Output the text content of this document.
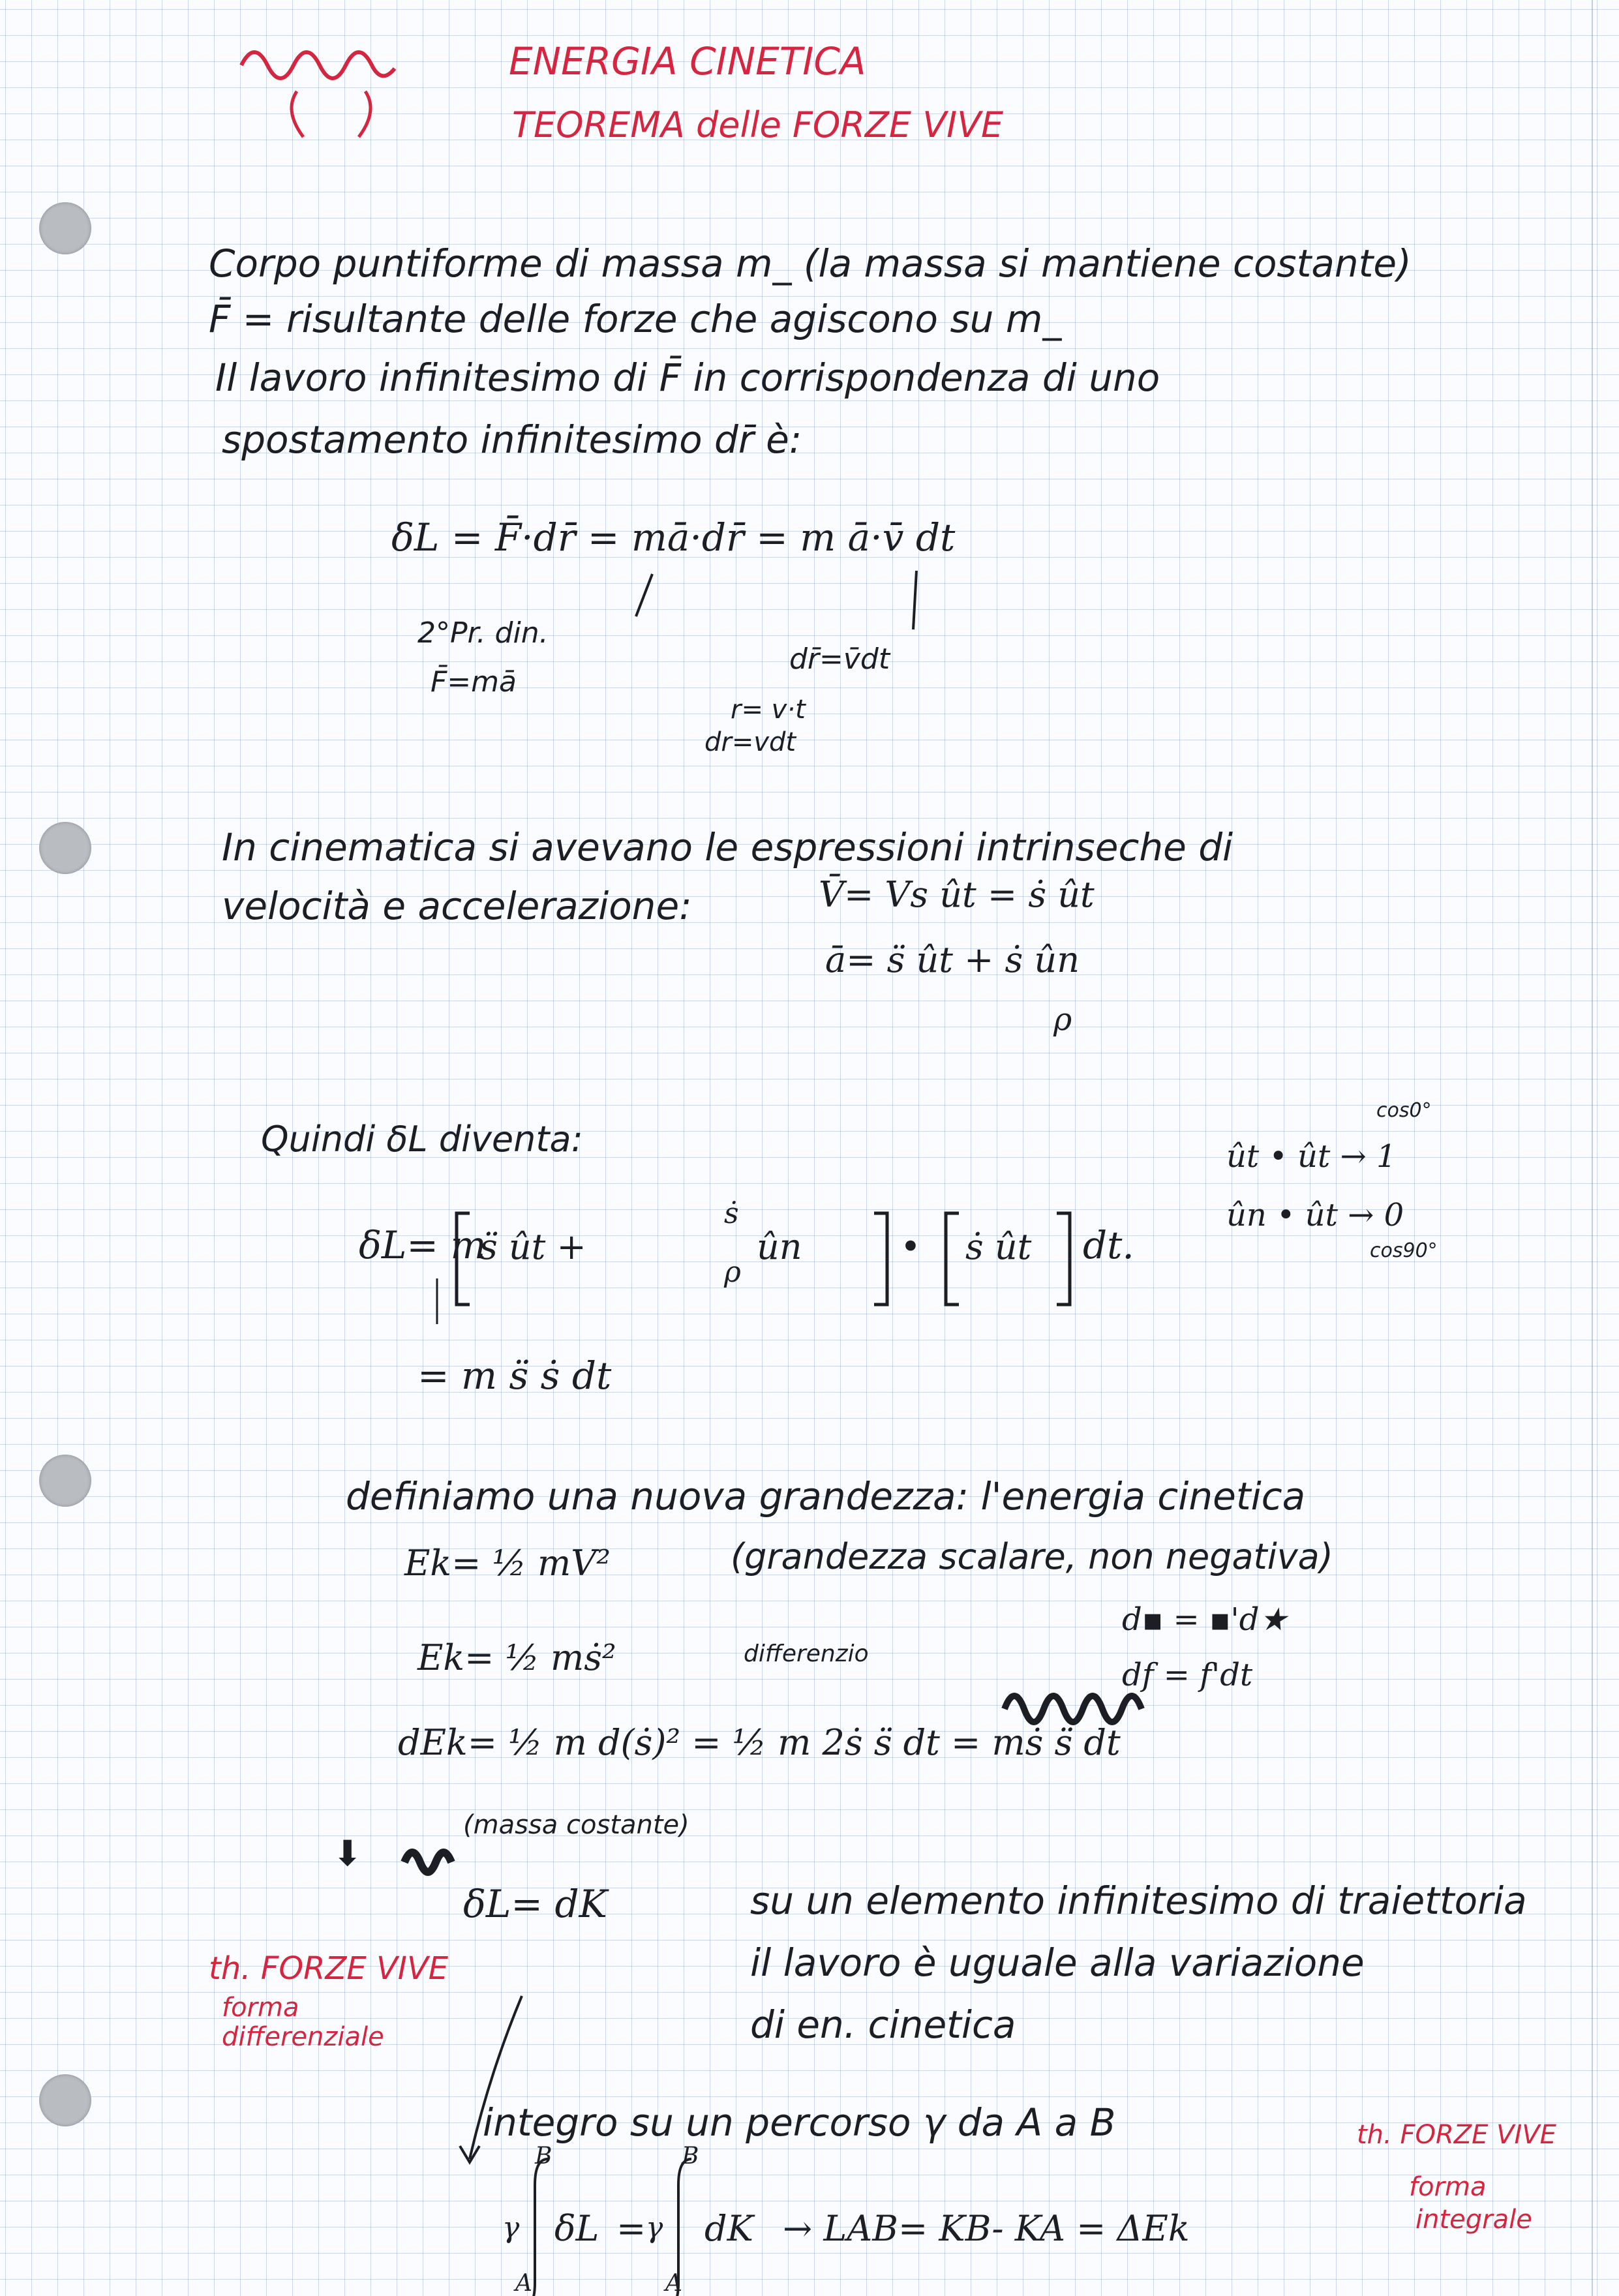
ENERGIA CINETICA
TEOREMA delle FORZE VIVE
Corpo puntiforme di massa m_ (la massa si mantiene costante)
F̄ = risultante delle forze che agiscono su m_
Il lavoro infinitesimo di F̄ in corrispondenza di uno
spostamento infinitesimo dr̄ è:
δL = F̄·dr̄ = mā·dr̄ = m ā·v̄ dt
2°Pr. din.
F̄=mā
dr̄=v̄dt
r= v·t
dr=vdt
In cinematica si avevano le espressioni intrinseche di
velocità e accelerazione:	V̄= Vs ût = ṡ ût
ā= s̈ ût + ṡ ûn
ρ
Quindi δL diventa:
δL= m
s̈ ût +
ṡ
ρ
ûn	• ṡ ût dt.
= m s̈ ṡ dt
cos0°
ût • ût → 1
ûn • ût → 0
cos90°
definiamo una nuova grandezza: l'energia cinetica
Ek= ½ mV²	(grandezza scalare, non negativa)
Ek= ½ mṡ²	differenzio
d▪ = ▪'d★
df = f'dt
dEk= ½ m d(ṡ)² = ½ m 2ṡ s̈ dt = mṡ s̈ dt
(massa costante)
⬇
δL= dK	su un elemento infinitesimo di traiettoria
il lavoro è uguale alla variazione
di en. cinetica
th. FORZE VIVE
forma
differenziale
integro su un percorso γ da A a B
γ
B
A
δL = γ
B
A
dK → LAB= KB- KA = ΔEk
th. FORZE VIVE
forma
integrale
